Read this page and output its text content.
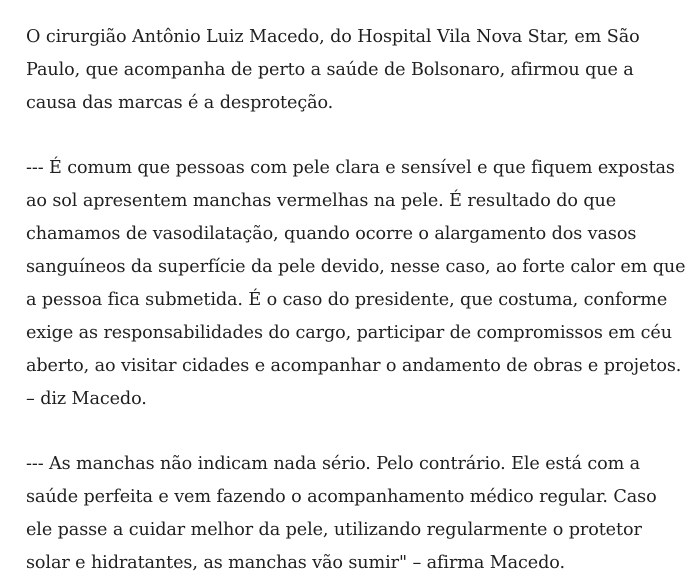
O cirurgião Antônio Luiz Macedo, do Hospital Vila Nova Star, em São
Paulo, que acompanha de perto a saúde de Bolsonaro, afirmou que a
causa das marcas é a desproteção.

--- É comum que pessoas com pele clara e sensível e que fiquem expostas
ao sol apresentem manchas vermelhas na pele. É resultado do que
chamamos de vasodilatação, quando ocorre o alargamento dos vasos
sanguíneos da superfície da pele devido, nesse caso, ao forte calor em que
a pessoa fica submetida. É o caso do presidente, que costuma, conforme
exige as responsabilidades do cargo, participar de compromissos em céu
aberto, ao visitar cidades e acompanhar o andamento de obras e projetos.
– diz Macedo.

--- As manchas não indicam nada sério. Pelo contrário. Ele está com a
saúde perfeita e vem fazendo o acompanhamento médico regular. Caso
ele passe a cuidar melhor da pele, utilizando regularmente o protetor
solar e hidratantes, as manchas vão sumir" – afirma Macedo.
